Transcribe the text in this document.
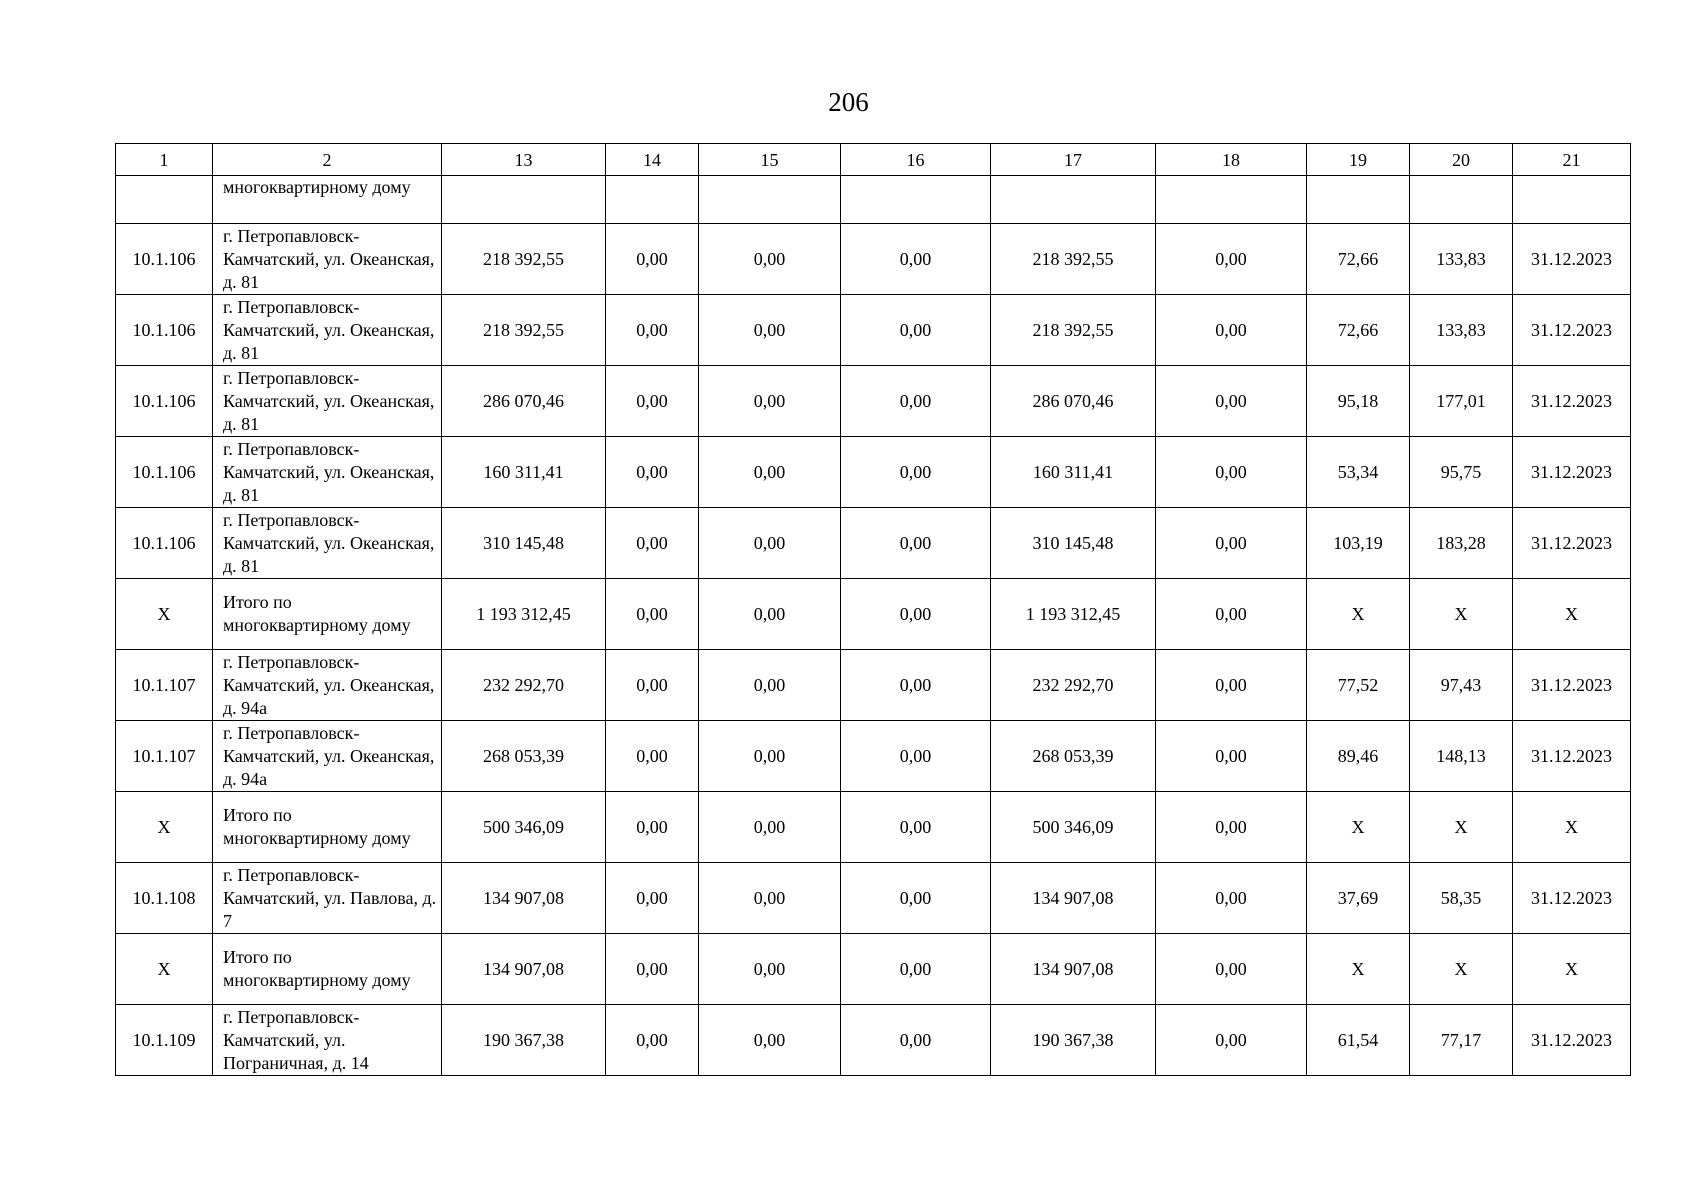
206
1	2	13	14	15	16	17	18	19	20	21
	многоквартирному дому									
10.1.106	г. Петропавловск-Камчатский, ул. Океанская, д. 81	218 392,55	0,00	0,00	0,00	218 392,55	0,00	72,66	133,83	31.12.2023
10.1.106	г. Петропавловск-Камчатский, ул. Океанская, д. 81	218 392,55	0,00	0,00	0,00	218 392,55	0,00	72,66	133,83	31.12.2023
10.1.106	г. Петропавловск-Камчатский, ул. Океанская, д. 81	286 070,46	0,00	0,00	0,00	286 070,46	0,00	95,18	177,01	31.12.2023
10.1.106	г. Петропавловск-Камчатский, ул. Океанская, д. 81	160 311,41	0,00	0,00	0,00	160 311,41	0,00	53,34	95,75	31.12.2023
10.1.106	г. Петропавловск-Камчатский, ул. Океанская, д. 81	310 145,48	0,00	0,00	0,00	310 145,48	0,00	103,19	183,28	31.12.2023
X	Итого по многоквартирному дому	1 193 312,45	0,00	0,00	0,00	1 193 312,45	0,00	X	X	X
10.1.107	г. Петропавловск-Камчатский, ул. Океанская, д. 94а	232 292,70	0,00	0,00	0,00	232 292,70	0,00	77,52	97,43	31.12.2023
10.1.107	г. Петропавловск-Камчатский, ул. Океанская, д. 94а	268 053,39	0,00	0,00	0,00	268 053,39	0,00	89,46	148,13	31.12.2023
X	Итого по многоквартирному дому	500 346,09	0,00	0,00	0,00	500 346,09	0,00	X	X	X
10.1.108	г. Петропавловск-Камчатский, ул. Павлова, д. 7	134 907,08	0,00	0,00	0,00	134 907,08	0,00	37,69	58,35	31.12.2023
X	Итого по многоквартирному дому	134 907,08	0,00	0,00	0,00	134 907,08	0,00	X	X	X
10.1.109	г. Петропавловск-Камчатский, ул. Пограничная, д. 14	190 367,38	0,00	0,00	0,00	190 367,38	0,00	61,54	77,17	31.12.2023
